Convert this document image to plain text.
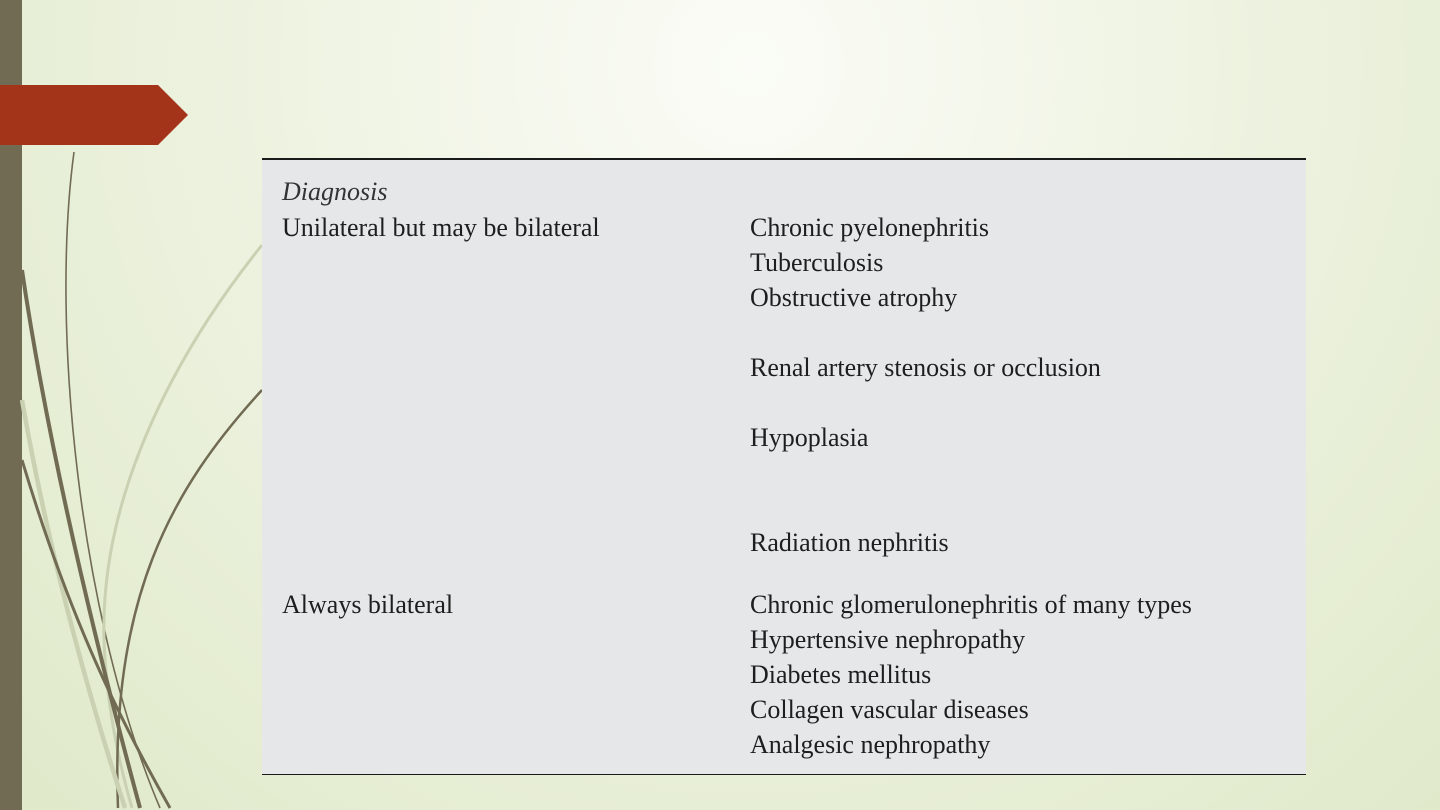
Diagnosis
Unilateral but may be bilateral	Chronic pyelonephritis
Tuberculosis
Obstructive atrophy
Renal artery stenosis or occlusion
Hypoplasia
Radiation nephritis
Always bilateral	Chronic glomerulonephritis of many types
Hypertensive nephropathy
Diabetes mellitus
Collagen vascular diseases
Analgesic nephropathy
